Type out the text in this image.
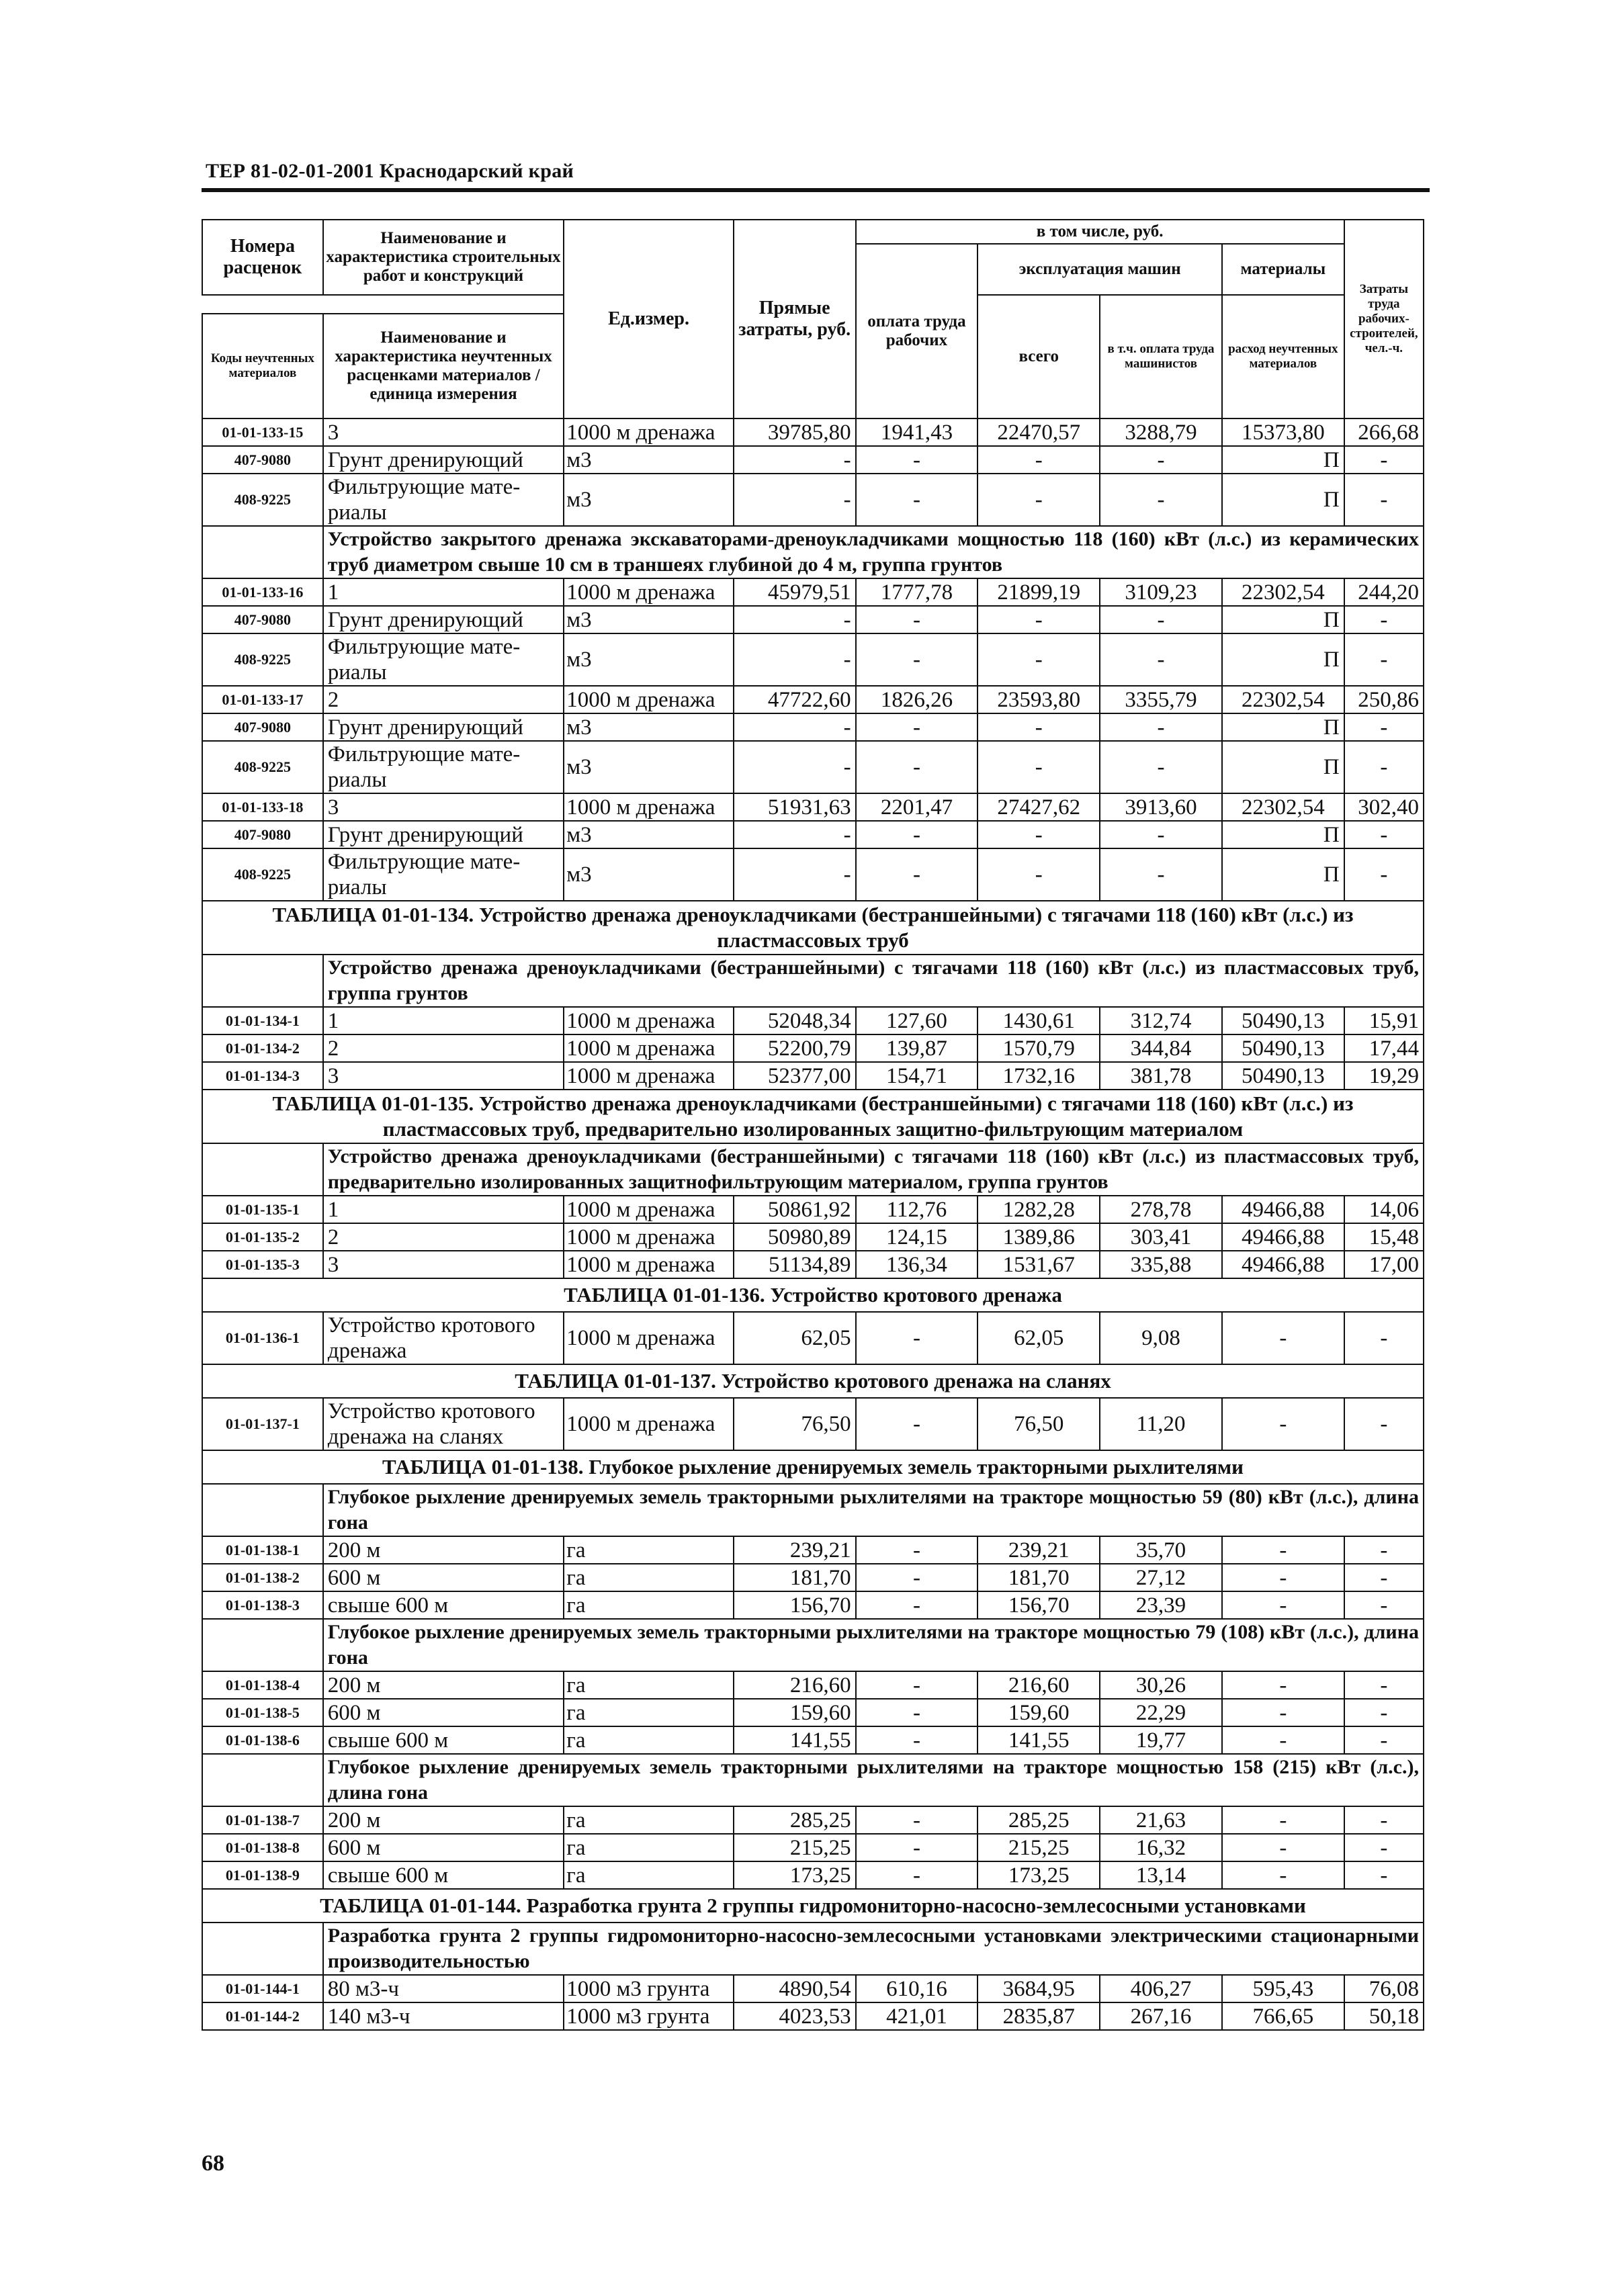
ТЕР 81-02-01-2001 Краснодарский край
Номера расценок	Наименование и характеристика строительных работ и конструкций	Ед.измер.	Прямые затраты, руб.	в том числе, руб.				Затраты труда рабочих-строителей, чел.-ч.
				оплата труда рабочих	эксплуатация машин		материалы	
					всего	в т.ч. оплата труда машинистов	расход неучтенных материалов	

Коды неучтенных материалов	Наименование и характеристика неучтенных расценками материалов / единица измерения							
01-01-133-15	3	1000 м дренажа	39785,80	1941,43	22470,57	3288,79	15373,80	266,68
407-9080	Грунт дренирующий	м3	-	-	-	-	П	-
408-9225	Фильтрующие мате-риалы	м3	-	-	-	-	П	-
	Устройство закрытого дренажа экскаваторами-дреноукладчиками мощностью 118 (160) кВт (л.с.) из керамических труб диаметром свыше 10 см в траншеях глубиной до 4 м, группа грунтов							
01-01-133-16	1	1000 м дренажа	45979,51	1777,78	21899,19	3109,23	22302,54	244,20
407-9080	Грунт дренирующий	м3	-	-	-	-	П	-
408-9225	Фильтрующие мате-риалы	м3	-	-	-	-	П	-
01-01-133-17	2	1000 м дренажа	47722,60	1826,26	23593,80	3355,79	22302,54	250,86
407-9080	Грунт дренирующий	м3	-	-	-	-	П	-
408-9225	Фильтрующие мате-риалы	м3	-	-	-	-	П	-
01-01-133-18	3	1000 м дренажа	51931,63	2201,47	27427,62	3913,60	22302,54	302,40
407-9080	Грунт дренирующий	м3	-	-	-	-	П	-
408-9225	Фильтрующие мате-риалы	м3	-	-	-	-	П	-
ТАБЛИЦА 01-01-134. Устройство дренажа дреноукладчиками (бестраншейными) с тягачами 118 (160) кВт (л.с.) из пластмассовых труб								
	Устройство дренажа дреноукладчиками (бестраншейными) с тягачами 118 (160) кВт (л.с.) из пластмассовых труб, группа грунтов							
01-01-134-1	1	1000 м дренажа	52048,34	127,60	1430,61	312,74	50490,13	15,91
01-01-134-2	2	1000 м дренажа	52200,79	139,87	1570,79	344,84	50490,13	17,44
01-01-134-3	3	1000 м дренажа	52377,00	154,71	1732,16	381,78	50490,13	19,29
ТАБЛИЦА 01-01-135. Устройство дренажа дреноукладчиками (бестраншейными) с тягачами 118 (160) кВт (л.с.) из пластмассовых труб, предварительно изолированных защитно-фильтрующим материалом								
	Устройство дренажа дреноукладчиками (бестраншейными) с тягачами 118 (160) кВт (л.с.) из пластмассовых труб, предварительно изолированных защитнофильтрующим материалом, группа грунтов							
01-01-135-1	1	1000 м дренажа	50861,92	112,76	1282,28	278,78	49466,88	14,06
01-01-135-2	2	1000 м дренажа	50980,89	124,15	1389,86	303,41	49466,88	15,48
01-01-135-3	3	1000 м дренажа	51134,89	136,34	1531,67	335,88	49466,88	17,00
ТАБЛИЦА 01-01-136. Устройство кротового дренажа								
01-01-136-1	Устройство кротового дренажа	1000 м дренажа	62,05	-	62,05	9,08	-	-
ТАБЛИЦА 01-01-137. Устройство кротового дренажа на сланях								
01-01-137-1	Устройство кротового дренажа на сланях	1000 м дренажа	76,50	-	76,50	11,20	-	-
ТАБЛИЦА 01-01-138. Глубокое рыхление дренируемых земель тракторными рыхлителями								
	Глубокое рыхление дренируемых земель тракторными рыхлителями на тракторе мощностью 59 (80) кВт (л.с.), длина гона							
01-01-138-1	200 м	га	239,21	-	239,21	35,70	-	-
01-01-138-2	600 м	га	181,70	-	181,70	27,12	-	-
01-01-138-3	свыше 600 м	га	156,70	-	156,70	23,39	-	-
	Глубокое рыхление дренируемых земель тракторными рыхлителями на тракторе мощностью 79 (108) кВт (л.с.), длина гона							
01-01-138-4	200 м	га	216,60	-	216,60	30,26	-	-
01-01-138-5	600 м	га	159,60	-	159,60	22,29	-	-
01-01-138-6	свыше 600 м	га	141,55	-	141,55	19,77	-	-
	Глубокое рыхление дренируемых земель тракторными рыхлителями на тракторе мощностью 158 (215) кВт (л.с.), длина гона							
01-01-138-7	200 м	га	285,25	-	285,25	21,63	-	-
01-01-138-8	600 м	га	215,25	-	215,25	16,32	-	-
01-01-138-9	свыше 600 м	га	173,25	-	173,25	13,14	-	-
ТАБЛИЦА 01-01-144. Разработка грунта 2 группы гидромониторно-насосно-землесосными установками								
	Разработка грунта 2 группы гидромониторно-насосно-землесосными установками электрическими стационарными производительностью							
01-01-144-1	80 м3-ч	1000 м3 грунта	4890,54	610,16	3684,95	406,27	595,43	76,08
01-01-144-2	140 м3-ч	1000 м3 грунта	4023,53	421,01	2835,87	267,16	766,65	50,18
68
